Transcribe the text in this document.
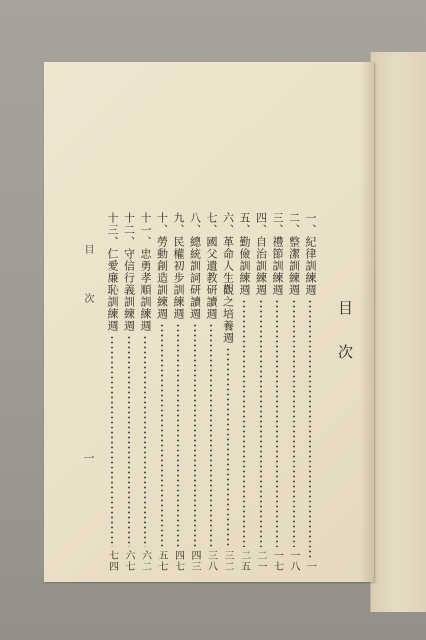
目 次
一、紀律訓練週
一
二、整潔訓練週
一八
三、禮節訓練週
一七
四、自治訓練週
二一
五、勤儉訓練週
二五
六、革命人生觀之培養週
三二
七、國父遺教研讀週
三八
八、總統訓詞研讀週
四三
九、民權初步訓練週
四七
十、勞動創造訓練週
五七
十一、忠勇孝順訓練週
六二
十二、守信行義訓練週
六七
十三、仁愛廉恥訓練週
七四
目 次
一
